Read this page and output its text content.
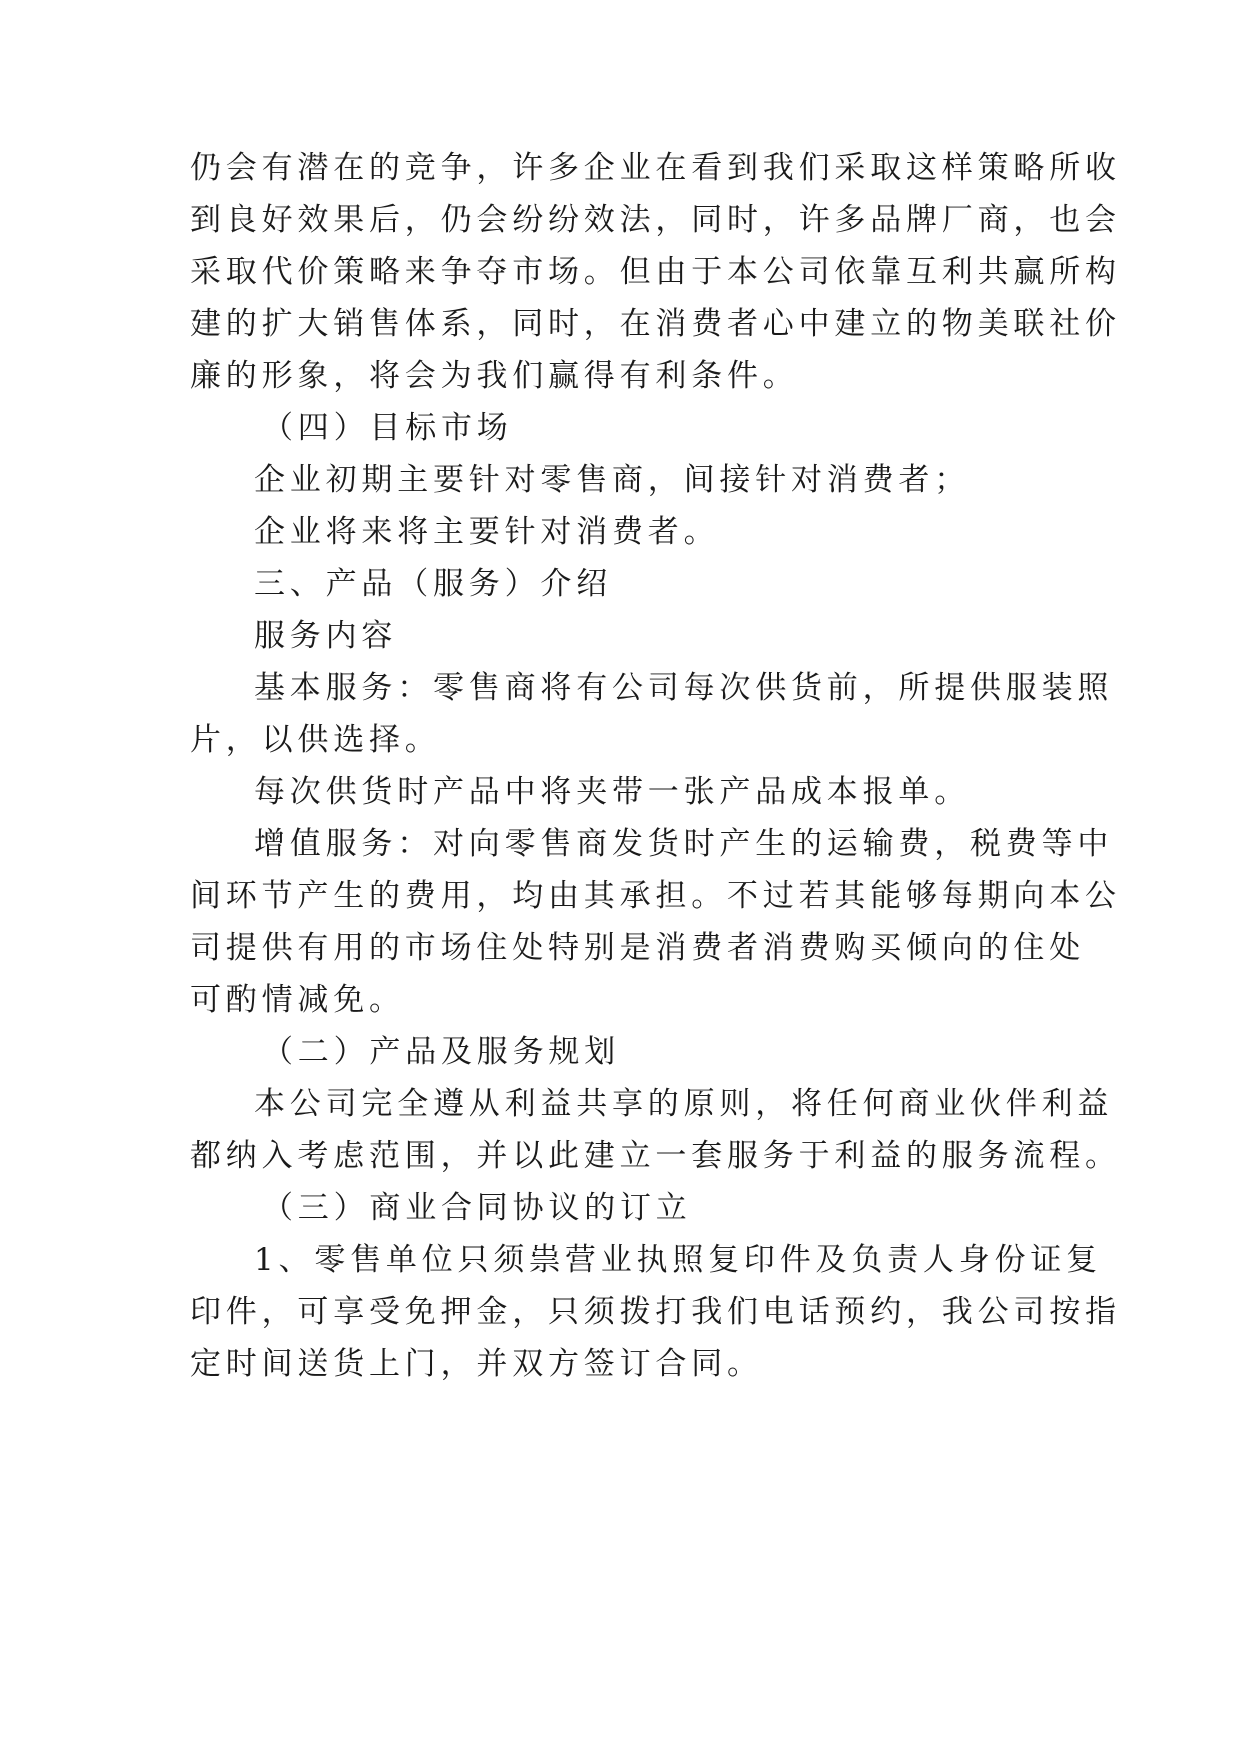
仍会有潜在的竞争，许多企业在看到我们采取这样策略所收

到良好效果后，仍会纷纷效法，同时，许多品牌厂商，也会

采取代价策略来争夺市场。但由于本公司依靠互利共赢所构

建的扩大销售体系，同时，在消费者心中建立的物美联社价

廉的形象，将会为我们赢得有利条件。

（四）目标市场

企业初期主要针对零售商，间接针对消费者；

企业将来将主要针对消费者。

三、产品（服务）介绍

服务内容

基本服务：零售商将有公司每次供货前，所提供服装照

片，以供选择。

每次供货时产品中将夹带一张产品成本报单。

增值服务：对向零售商发货时产生的运输费，税费等中

间环节产生的费用，均由其承担。不过若其能够每期向本公

司提供有用的市场住处特别是消费者消费购买倾向的住处

可酌情减免。

（二）产品及服务规划

本公司完全遵从利益共享的原则，将任何商业伙伴利益

都纳入考虑范围，并以此建立一套服务于利益的服务流程。

（三）商业合同协议的订立

1、零售单位只须祟营业执照复印件及负责人身份证复

印件，可享受免押金，只须拨打我们电话预约，我公司按指

定时间送货上门，并双方签订合同。
